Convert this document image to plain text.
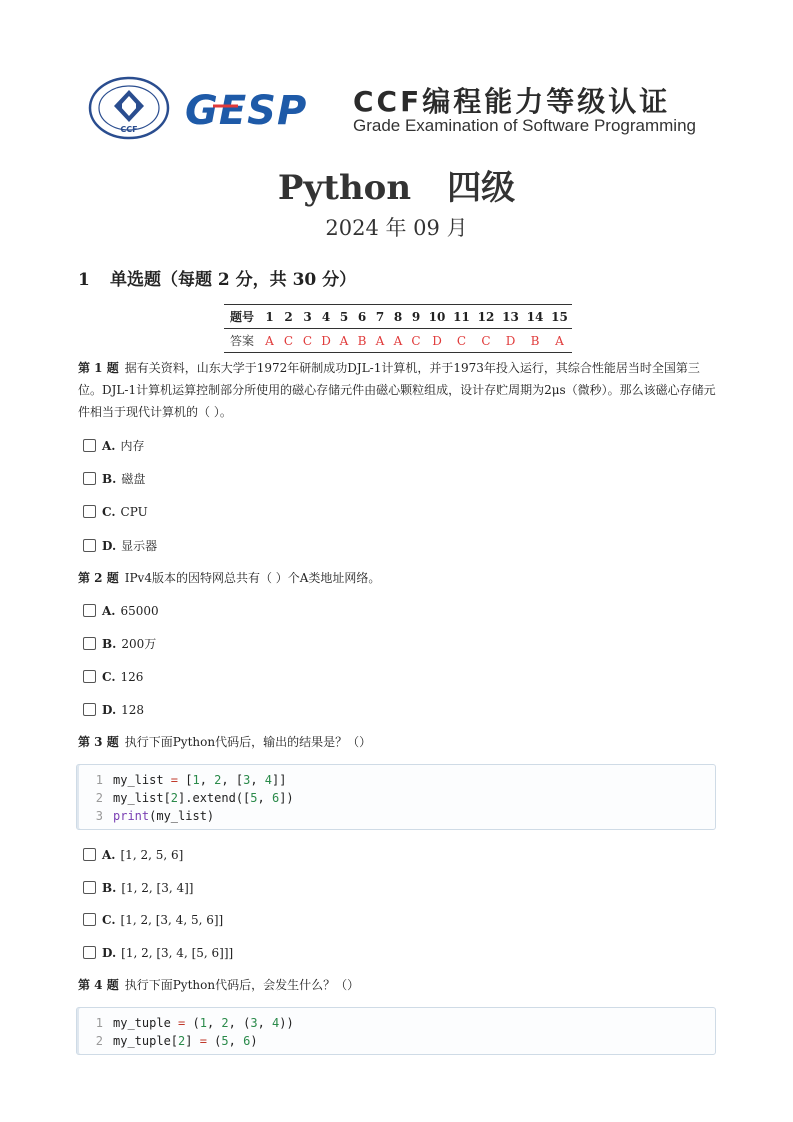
CCF GESP CCF编程能力等级认证
Grade Examination of Software Programming
Python 四级
2024 年 09 月
1 单选题（每题 2 分，共 30 分）
题号	1	2	3	4	5	6	7	8	9	10	11	12	13	14	15
答案	A	C	C	D	A	B	A	A	C	D	C	C	D	B	A
第 1 题 据有关资料，山东大学于1972年研制成功DJL-1计算机，并于1973年投入运行，其综合性能居当时全国第三位。DJL-1计算机运算控制部分所使用的磁心存储元件由磁心颗粒组成，设计存贮周期为2μs（微秒）。那么该磁心存储元件相当于现代计算机的（ ）。
A. 内存
B. 磁盘
C. CPU
D. 显示器
第 2 题 IPv4版本的因特网总共有（ ）个A类地址网络。
A. 65000
B. 200万
C. 126
D. 128
第 3 题 执行下面Python代码后，输出的结果是？（）
1 my_list = [1, 2, [3, 4]]
2 my_list[2].extend([5, 6])
3 print(my_list)
A. [1, 2, 5, 6]
B. [1, 2, [3, 4]]
C. [1, 2, [3, 4, 5, 6]]
D. [1, 2, [3, 4, [5, 6]]]
第 4 题 执行下面Python代码后，会发生什么？（）
1 my_tuple = (1, 2, (3, 4))
2 my_tuple[2] = (5, 6)
